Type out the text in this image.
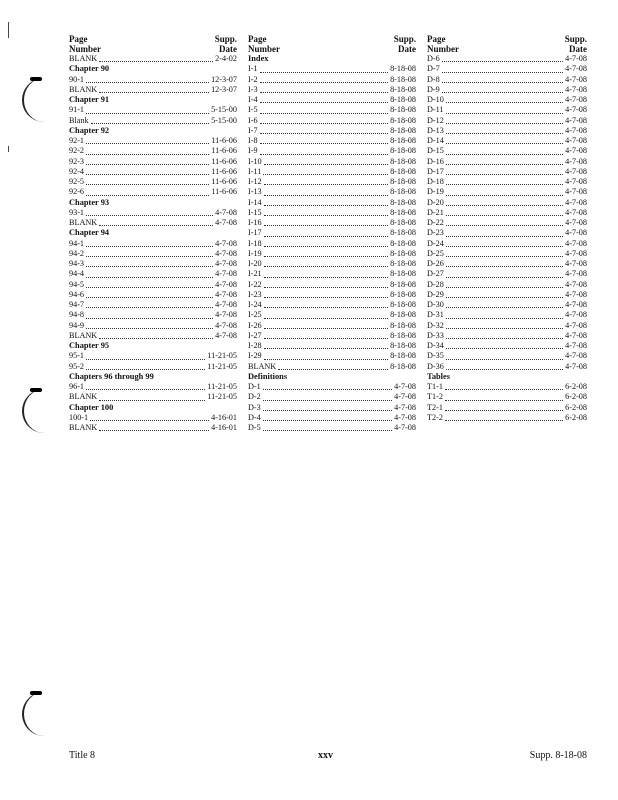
Page
Number
Supp.
Date
BLANK	2-4-02
Chapter 90
90-1	12-3-07
BLANK	12-3-07
Chapter 91
91-1	5-15-00
Blank	5-15-00
Chapter 92
92-1	11-6-06
92-2	11-6-06
92-3	11-6-06
92-4	11-6-06
92-5	11-6-06
92-6	11-6-06
Chapter 93
93-1	4-7-08
BLANK	4-7-08
Chapter 94
94-1	4-7-08
94-2	4-7-08
94-3	4-7-08
94-4	4-7-08
94-5	4-7-08
94-6	4-7-08
94-7	4-7-08
94-8	4-7-08
94-9	4-7-08
BLANK	4-7-08
Chapter 95
95-1	11-21-05
95-2	11-21-05
Chapters 96 through 99
96-1	11-21-05
BLANK	11-21-05
Chapter 100
100-1	4-16-01
BLANK	4-16-01
Page
Number
Supp.
Date
Index
I-1	8-18-08
I-2	8-18-08
I-3	8-18-08
I-4	8-18-08
I-5	8-18-08
I-6	8-18-08
I-7	8-18-08
I-8	8-18-08
I-9	8-18-08
I-10	8-18-08
I-11	8-18-08
I-12	8-18-08
I-13	8-18-08
I-14	8-18-08
I-15	8-18-08
I-16	8-18-08
I-17	8-18-08
I-18	8-18-08
I-19	8-18-08
I-20	8-18-08
I-21	8-18-08
I-22	8-18-08
I-23	8-18-08
I-24	8-18-08
I-25	8-18-08
I-26	8-18-08
I-27	8-18-08
I-28	8-18-08
I-29	8-18-08
BLANK	8-18-08
Definitions
D-1	4-7-08
D-2	4-7-08
D-3	4-7-08
D-4	4-7-08
D-5	4-7-08
Page
Number
Supp.
Date
D-6	4-7-08
D-7	4-7-08
D-8	4-7-08
D-9	4-7-08
D-10	4-7-08
D-11	4-7-08
D-12	4-7-08
D-13	4-7-08
D-14	4-7-08
D-15	4-7-08
D-16	4-7-08
D-17	4-7-08
D-18	4-7-08
D-19	4-7-08
D-20	4-7-08
D-21	4-7-08
D-22	4-7-08
D-23	4-7-08
D-24	4-7-08
D-25	4-7-08
D-26	4-7-08
D-27	4-7-08
D-28	4-7-08
D-29	4-7-08
D-30	4-7-08
D-31	4-7-08
D-32	4-7-08
D-33	4-7-08
D-34	4-7-08
D-35	4-7-08
D-36	4-7-08
Tables
T1-1	6-2-08
T1-2	6-2-08
T2-1	6-2-08
T2-2	6-2-08
Title 8	xxv	Supp. 8-18-08
